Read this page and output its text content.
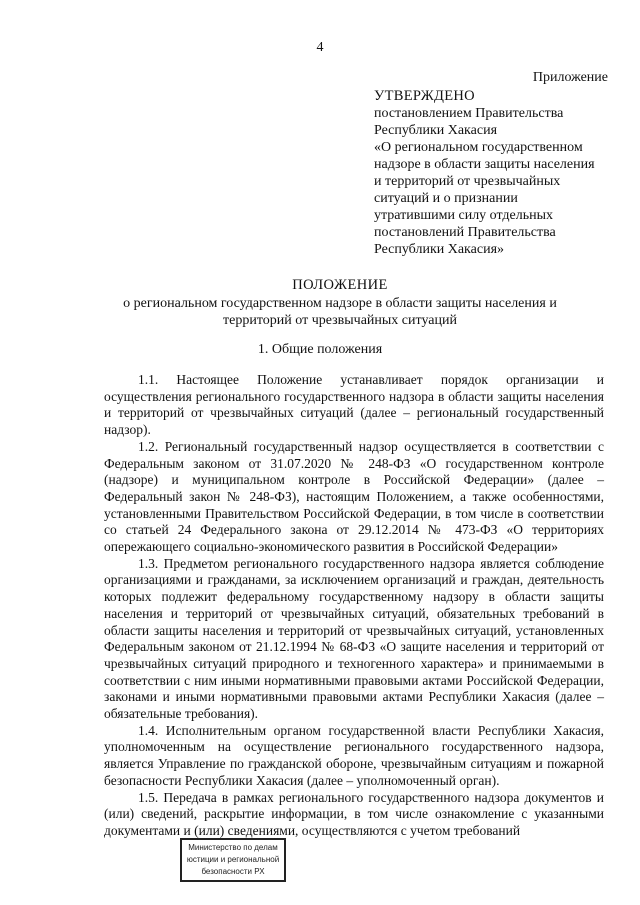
4
Приложение
УТВЕРЖДЕНО
постановлением Правительства
Республики Хакасия
«О региональном государственном
надзоре в области защиты населения
и территорий от чрезвычайных
ситуаций и о признании
утратившими силу отдельных
постановлений Правительства
Республики Хакасия»
ПОЛОЖЕНИЕ
о региональном государственном надзоре в области защиты населения и
территорий от чрезвычайных ситуаций
1. Общие положения

1.1. Настоящее Положение устанавливает порядок организации и осуществления регионального государственного надзора в области защиты населения и территорий от чрезвычайных ситуаций (далее – региональный государственный надзор).

1.2. Региональный государственный надзор осуществляется в соответствии с Федеральным законом от 31.07.2020 № 248-ФЗ «О государственном контроле (надзоре) и муниципальном контроле в Российской Федерации» (далее – Федеральный закон № 248-ФЗ), настоящим Положением, а также особенностями, установленными Правительством Российской Федерации, в том числе в соответствии со статьей 24 Федерального закона от 29.12.2014 № 473-ФЗ «О территориях опережающего социально-экономического развития в Российской Федерации»

1.3. Предметом регионального государственного надзора является соблюдение организациями и гражданами, за исключением организаций и граждан, деятельность которых подлежит федеральному государственному надзору в области защиты населения и территорий от чрезвычайных ситуаций, обязательных требований в области защиты населения и территорий от чрезвычайных ситуаций, установленных Федеральным законом от 21.12.1994 № 68-ФЗ «О защите населения и территорий от чрезвычайных ситуаций природного и техногенного характера» и принимаемыми в соответствии с ним иными нормативными правовыми актами Российской Федерации, законами и иными нормативными правовыми актами Республики Хакасия (далее – обязательные требования).

1.4. Исполнительным органом государственной власти Республики Хакасия, уполномоченным на осуществление регионального государственного надзора, является Управление по гражданской обороне, чрезвычайным ситуациям и пожарной безопасности Республики Хакасия (далее – уполномоченный орган).

1.5. Передача в рамках регионального государственного надзора документов и (или) сведений, раскрытие информации, в том числе ознакомление с указанными документами и (или) сведениями, осуществляются с учетом требований

Министерство по делам
юстиции и региональной
безопасности РХ
